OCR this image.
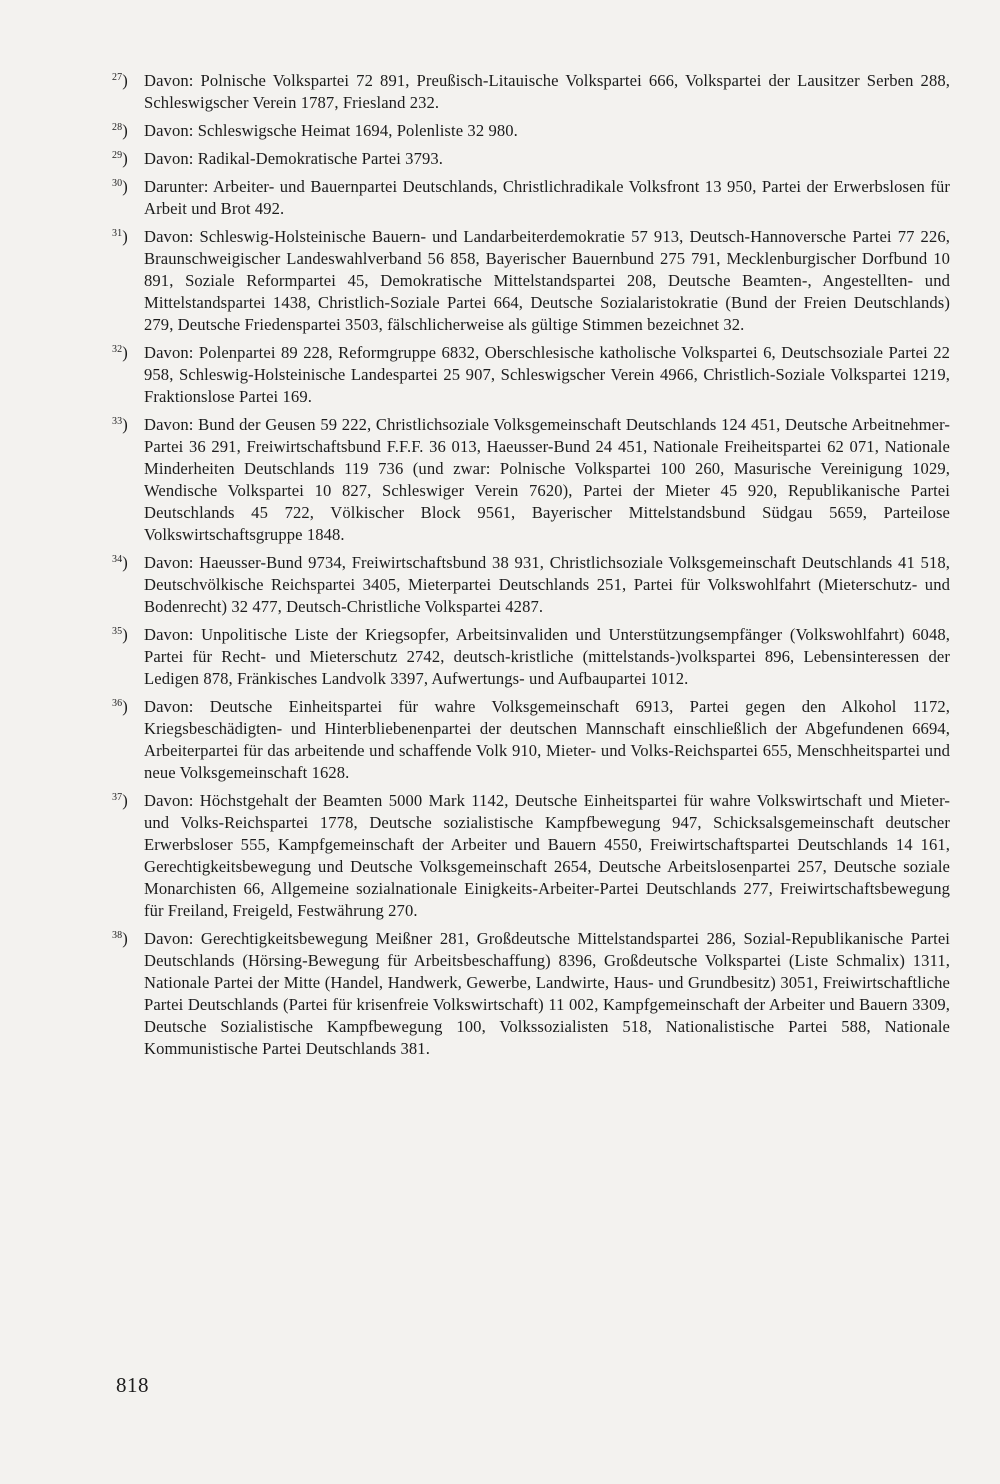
$^{27}$) Davon: Polnische Volkspartei 72 891, Preußisch-Litauische Volkspartei 666, Volkspartei der Lausitzer Serben 288, Schleswigscher Verein 1787, Friesland 232.

$^{28}$) Davon: Schleswigsche Heimat 1694, Polenliste 32 980.

$^{29}$) Davon: Radikal-Demokratische Partei 3793.

$^{30}$) Darunter: Arbeiter- und Bauernpartei Deutschlands, Christlichradikale Volksfront 13 950, Partei der Erwerbslosen für Arbeit und Brot 492.

$^{31}$) Davon: Schleswig-Holsteinische Bauern- und Landarbeiterdemokratie 57 913, Deutsch-Hannoversche Partei 77 226, Braunschweigischer Landeswahlverband 56 858, Bayerischer Bauernbund 275 791, Mecklenburgischer Dorfbund 10 891, Soziale Reformpartei 45, Demokratische Mittelstandspartei 208, Deutsche Beamten-, Angestellten- und Mittelstandspartei 1438, Christlich-Soziale Partei 664, Deutsche Sozialaristokratie (Bund der Freien Deutschlands) 279, Deutsche Friedenspartei 3503, fälschlicherweise als gültige Stimmen bezeichnet 32.

$^{32}$) Davon: Polenpartei 89 228, Reformgruppe 6832, Oberschlesische katholische Volkspartei 6, Deutschsoziale Partei 22 958, Schleswig-Holsteinische Landespartei 25 907, Schleswigscher Verein 4966, Christlich-Soziale Volkspartei 1219, Fraktionslose Partei 169.

$^{33}$) Davon: Bund der Geusen 59 222, Christlichsoziale Volksgemeinschaft Deutschlands 124 451, Deutsche Arbeitnehmer-Partei 36 291, Freiwirtschaftsbund F.F.F. 36 013, Haeusser-Bund 24 451, Nationale Freiheitspartei 62 071, Nationale Minderheiten Deutschlands 119 736 (und zwar: Polnische Volkspartei 100 260, Masurische Vereinigung 1029, Wendische Volkspartei 10 827, Schleswiger Verein 7620), Partei der Mieter 45 920, Republikanische Partei Deutschlands 45 722, Völkischer Block 9561, Bayerischer Mittelstandsbund Südgau 5659, Parteilose Volkswirtschaftsgruppe 1848.

$^{34}$) Davon: Haeusser-Bund 9734, Freiwirtschaftsbund 38 931, Christlichsoziale Volksgemeinschaft Deutschlands 41 518, Deutschvölkische Reichspartei 3405, Mieterpartei Deutschlands 251, Partei für Volkswohlfahrt (Mieterschutz- und Bodenrecht) 32 477, Deutsch-Christliche Volkspartei 4287.

$^{35}$) Davon: Unpolitische Liste der Kriegsopfer, Arbeitsinvaliden und Unterstützungsempfänger (Volkswohlfahrt) 6048, Partei für Recht- und Mieterschutz 2742, deutsch-kristliche (mittelstands-)volkspartei 896, Lebensinteressen der Ledigen 878, Fränkisches Landvolk 3397, Aufwertungs- und Aufbaupartei 1012.

$^{36}$) Davon: Deutsche Einheitspartei für wahre Volksgemeinschaft 6913, Partei gegen den Alkohol 1172, Kriegsbeschädigten- und Hinterbliebenenpartei der deutschen Mannschaft einschließlich der Abgefundenen 6694, Arbeiterpartei für das arbeitende und schaffende Volk 910, Mieter- und Volks-Reichspartei 655, Menschheitspartei und neue Volksgemeinschaft 1628.

$^{37}$) Davon: Höchstgehalt der Beamten 5000 Mark 1142, Deutsche Einheitspartei für wahre Volkswirtschaft und Mieter- und Volks-Reichspartei 1778, Deutsche sozialistische Kampfbewegung 947, Schicksalsgemeinschaft deutscher Erwerbsloser 555, Kampfgemeinschaft der Arbeiter und Bauern 4550, Freiwirtschaftspartei Deutschlands 14 161, Gerechtigkeitsbewegung und Deutsche Volksgemeinschaft 2654, Deutsche Arbeitslosenpartei 257, Deutsche soziale Monarchisten 66, Allgemeine sozialnationale Einigkeits-Arbeiter-Partei Deutschlands 277, Freiwirtschaftsbewegung für Freiland, Freigeld, Festwährung 270.

$^{38}$) Davon: Gerechtigkeitsbewegung Meißner 281, Großdeutsche Mittelstandspartei 286, Sozial-Republikanische Partei Deutschlands (Hörsing-Bewegung für Arbeitsbeschaffung) 8396, Großdeutsche Volkspartei (Liste Schmalix) 1311, Nationale Partei der Mitte (Handel, Handwerk, Gewerbe, Landwirte, Haus- und Grundbesitz) 3051, Freiwirtschaftliche Partei Deutschlands (Partei für krisenfreie Volkswirtschaft) 11 002, Kampfgemeinschaft der Arbeiter und Bauern 3309, Deutsche Sozialistische Kampfbewegung 100, Volkssozialisten 518, Nationalistische Partei 588, Nationale Kommunistische Partei Deutschlands 381.

818
